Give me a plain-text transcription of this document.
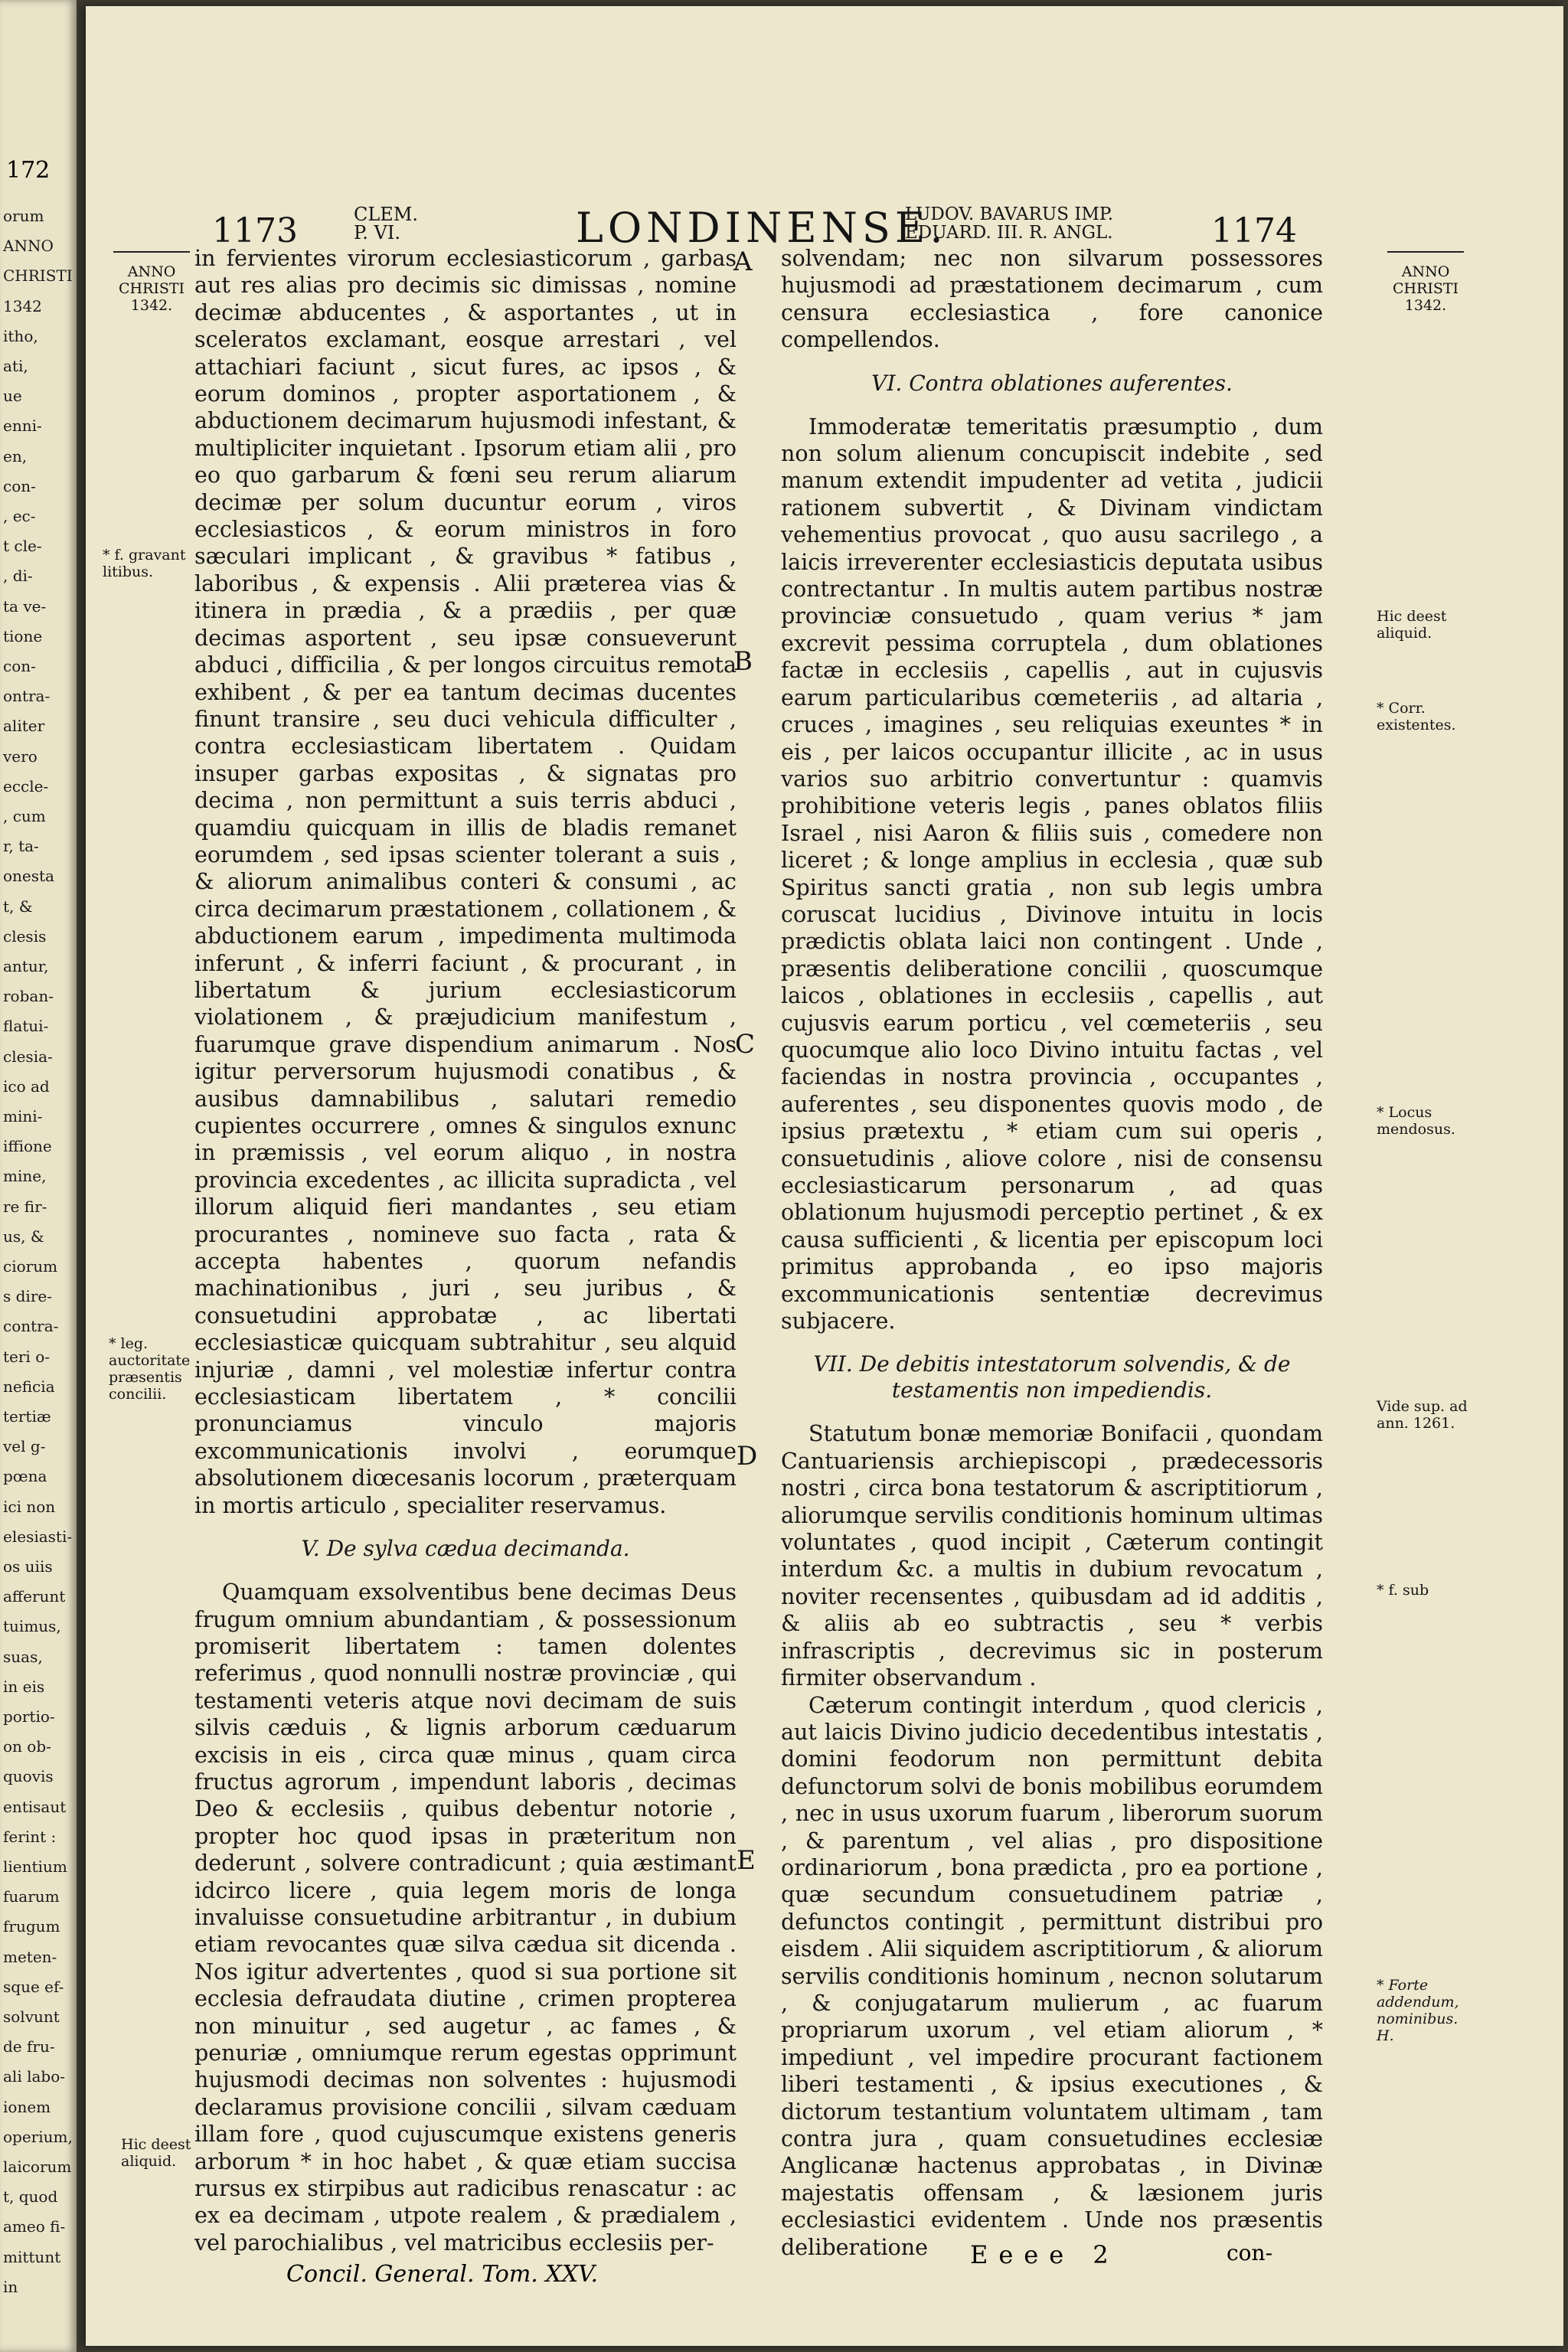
172
orum
ANNO
CHRISTI
1342
itho,
ati,
ue
enni-
en,
con-
, ec-
t cle-
, di-
ta ve-
tione
con-
ontra-
aliter
vero
eccle-
, cum
r, ta-
onesta
t, &
clesis
antur,
roban-
flatui-
clesia-
ico ad
mini-
iffione
mine,
re fir-
us, &
ciorum
s dire-
contra-
teri o-
neficia
tertiæ
vel g-
pœna
ici non
elesiasti-
os uiis
afferunt
tuimus,
suas,
in eis
portio-
on ob-
quovis
entisaut
ferint :
lientium
fuarum
frugum
meten-
sque ef-
solvunt
de fru-
ali labo-
ionem
operium,
laicorum
t, quod
ameo fi-
mittunt
in
1173	CLEM.
P. VI.	LONDINENSE.
LUDOV. BAVARUS IMP.
EDUARD. III. R. ANGL.	1174
ANNO
CHRISTI
1342.
ANNO
CHRISTI
1342.

in fervientes virorum ecclesiasticorum , garbas aut res alias pro decimis sic dimissas , nomine decimæ abducentes , & asportantes , ut in sceleratos exclamant, eosque arrestari , vel attachiari faciunt , sicut fures, ac ipsos , & eorum dominos , propter asportationem , & abductionem decimarum hujusmodi infestant, & multipliciter inquietant . Ipsorum etiam alii , pro eo quo garbarum & fœni seu rerum aliarum decimæ per solum ducuntur eorum , viros ecclesiasticos , & eorum ministros in foro sæculari implicant , & gravibus * fatibus , laboribus , & expensis . Alii præterea vias & itinera in prædia , & a prædiis , per quæ decimas asportent , seu ipsæ consueverunt abduci , difficilia , & per longos circuitus remota exhibent , & per ea tantum decimas ducentes finunt transire , seu duci vehicula difficulter , contra ecclesiasticam libertatem . Quidam insuper garbas expositas , & signatas pro decima , non permittunt a suis terris abduci , quamdiu quicquam in illis de bladis remanet eorumdem , sed ipsas scienter tolerant a suis , & aliorum animalibus conteri & consumi , ac circa decimarum præstationem , collationem , & abductionem earum , impedimenta multimoda inferunt , & inferri faciunt , & procurant , in libertatum & jurium ecclesiasticorum violationem , & præjudicium manifestum , fuarumque grave dispendium animarum . Nos igitur perversorum hujusmodi conatibus , & ausibus damnabilibus , salutari remedio cupientes occurrere , omnes & singulos exnunc in præmissis , vel eorum aliquo , in nostra provincia excedentes , ac illicita supradicta , vel illorum aliquid fieri mandantes , seu etiam procurantes , nomineve suo facta , rata & accepta habentes , quorum nefandis machinationibus , juri , seu juribus , & consuetudini approbatæ , ac libertati ecclesiasticæ quicquam subtrahitur , seu alquid injuriæ , damni , vel molestiæ infertur contra ecclesiasticam libertatem , * concilii pronunciamus vinculo majoris excommunicationis involvi , eorumque absolutionem diœcesanis locorum , præterquam in mortis articulo , specialiter reservamus.

V. De sylva cædua decimanda.

Quamquam exsolventibus bene decimas Deus frugum omnium abundantiam , & possessionum promiserit libertatem : tamen dolentes referimus , quod nonnulli nostræ provinciæ , qui testamenti veteris atque novi decimam de suis silvis cæduis , & lignis arborum cæduarum excisis in eis , circa quæ minus , quam circa fructus agrorum , impendunt laboris , decimas Deo & ecclesiis , quibus debentur notorie , propter hoc quod ipsas in præteritum non dederunt , solvere contradicunt ; quia æstimant idcirco licere , quia legem moris de longa invaluisse consuetudine arbitrantur , in dubium etiam revocantes quæ silva cædua sit dicenda . Nos igitur advertentes , quod si sua portione sit ecclesia defraudata diutine , crimen propterea non minuitur , sed augetur , ac fames , & penuriæ , omniumque rerum egestas opprimunt hujusmodi decimas non solventes : hujusmodi declaramus provisione concilii , silvam cæduam illam fore , quod cujuscumque existens generis arborum * in hoc habet , & quæ etiam succisa rursus ex stirpibus aut radicibus renascatur : ac ex ea decimam , utpote realem , & prædialem , vel parochialibus , vel matricibus ecclesiis per-

solvendam; nec non silvarum possessores hujusmodi ad præstationem decimarum , cum censura ecclesiastica , fore canonice compellendos.

VI. Contra oblationes auferentes.

Immoderatæ temeritatis præsumptio , dum non solum alienum concupiscit indebite , sed manum extendit impudenter ad vetita , judicii rationem subvertit , & Divinam vindictam vehementius provocat , quo ausu sacrilego , a laicis irreverenter ecclesiasticis deputata usibus contrectantur . In multis autem partibus nostræ provinciæ consuetudo , quam verius * jam excrevit pessima corruptela , dum oblationes factæ in ecclesiis , capellis , aut in cujusvis earum particularibus cœmeteriis , ad altaria , cruces , imagines , seu reliquias exeuntes * in eis , per laicos occupantur illicite , ac in usus varios suo arbitrio convertuntur : quamvis prohibitione veteris legis , panes oblatos filiis Israel , nisi Aaron & filiis suis , comedere non liceret ; & longe amplius in ecclesia , quæ sub Spiritus sancti gratia , non sub legis umbra coruscat lucidius , Divinove intuitu in locis prædictis oblata laici non contingent . Unde , præsentis deliberatione concilii , quoscumque laicos , oblationes in ecclesiis , capellis , aut cujusvis earum porticu , vel cœmeteriis , seu quocumque alio loco Divino intuitu factas , vel faciendas in nostra provincia , occupantes , auferentes , seu disponentes quovis modo , de ipsius prætextu , * etiam cum sui operis , consuetudinis , aliove colore , nisi de consensu ecclesiasticarum personarum , ad quas oblationum hujusmodi perceptio pertinet , & ex causa sufficienti , & licentia per episcopum loci primitus approbanda , eo ipso majoris excommunicationis sententiæ decrevimus subjacere.

VII. De debitis intestatorum solvendis, & de testamentis non impediendis.

Statutum bonæ memoriæ Bonifacii , quondam Cantuariensis archiepiscopi , prædecessoris nostri , circa bona testatorum & ascriptitiorum , aliorumque servilis conditionis hominum ultimas voluntates , quod incipit , Cæterum contingit interdum &c. a multis in dubium revocatum , noviter recensentes , quibusdam ad id additis , & aliis ab eo subtractis , seu * verbis infrascriptis , decrevimus sic in posterum firmiter observandum .

Cæterum contingit interdum , quod clericis , aut laicis Divino judicio decedentibus intestatis , domini feodorum non permittunt debita defunctorum solvi de bonis mobilibus eorumdem , nec in usus uxorum fuarum , liberorum suorum , & parentum , vel alias , pro dispositione ordinariorum , bona prædicta , pro ea portione , quæ secundum consuetudinem patriæ , defunctos contingit , permittunt distribui pro eisdem . Alii siquidem ascriptitiorum , & aliorum servilis conditionis hominum , necnon solutarum , & conjugatarum mulierum , ac fuarum propriarum uxorum , vel etiam aliorum , * impediunt , vel impedire procurant factionem liberi testamenti , & ipsius executiones , & dictorum testantium voluntatem ultimam , tam contra jura , quam consuetudines ecclesiæ Anglicanæ hactenus approbatas , in Divinæ majestatis offensam , & læsionem juris ecclesiastici evidentem . Unde nos præsentis deliberatione

* f. gravant litibus.
* leg. auctoritate præsentis concilii.
Hic deest aliquid.
Hic deest aliquid.
* Corr. existentes.
* Locus mendosus.
Vide sup. ad ann. 1261.
* f. sub
* Forte addendum, nominibus. H.
A
B
C
D
E
Concil. General. Tom. XXV.
Eeee 2	con-
